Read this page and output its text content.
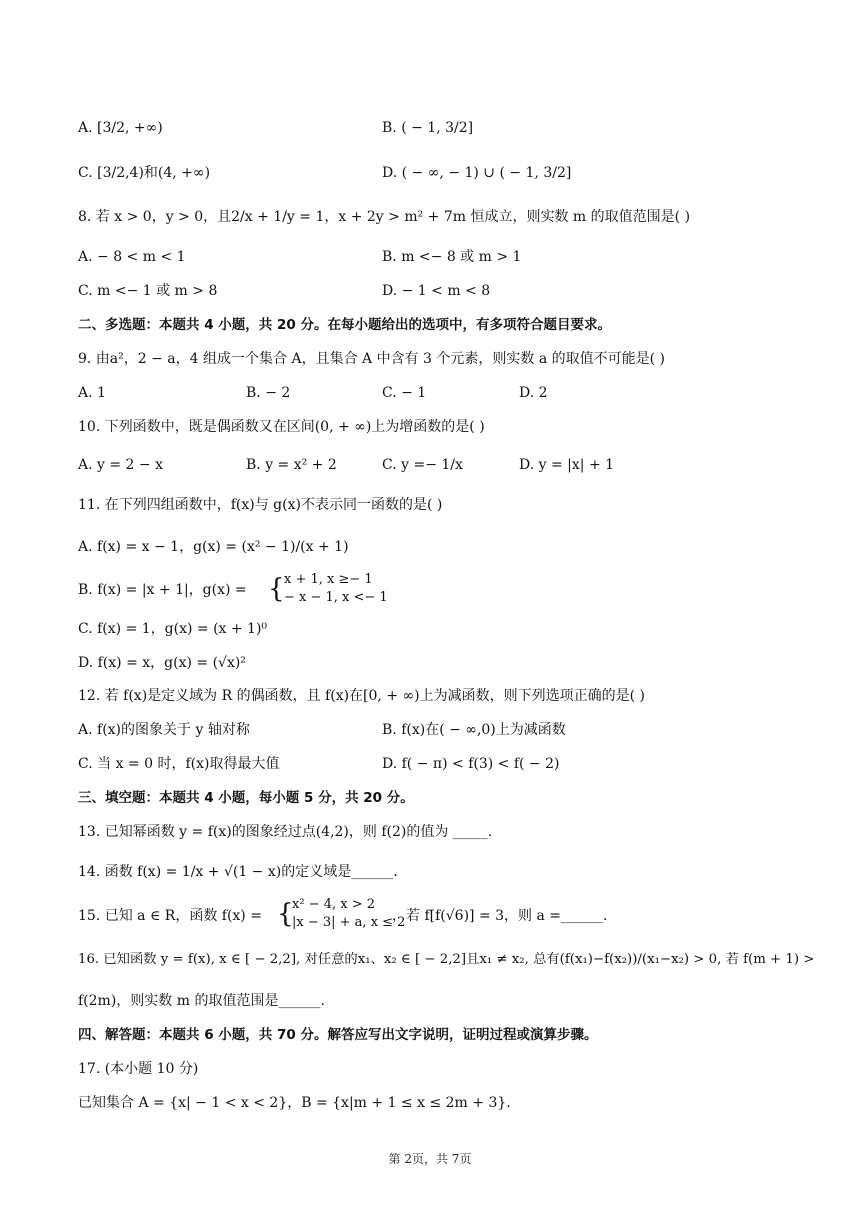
A. [3/2, +∞)	B. ( − 1, 3/2]
C. [3/2,4)和(4, +∞)	D. ( − ∞, − 1) ∪ ( − 1, 3/2]
8. 若 x > 0，y > 0，且2/x + 1/y = 1，x + 2y > m² + 7m 恒成立，则实数 m 的取值范围是( )
A. − 8 < m < 1	B. m <− 8 或 m > 1
C. m <− 1 或 m > 8	D. − 1 < m < 8
二、多选题：本题共 4 小题，共 20 分。在每小题给出的选项中，有多项符合题目要求。
9. 由a²，2 − a，4 组成一个集合 A，且集合 A 中含有 3 个元素，则实数 a 的取值不可能是( )
A. 1	B. − 2	C. − 1	D. 2
10. 下列函数中，既是偶函数又在区间(0, + ∞)上为增函数的是( )
A. y = 2 − x	B. y = x² + 2	C. y =− 1/x	D. y = |x| + 1
11. 在下列四组函数中，f(x)与 g(x)不表示同一函数的是( )
A. f(x) = x − 1，g(x) = (x² − 1)/(x + 1)
B. f(x) = |x + 1|，g(x) = { x + 1, x ≥− 1
− x − 1, x <− 1
C. f(x) = 1，g(x) = (x + 1)⁰
D. f(x) = x，g(x) = (√x)²
12. 若 f(x)是定义域为 R 的偶函数，且 f(x)在[0, + ∞)上为减函数，则下列选项正确的是( )
A. f(x)的图象关于 y 轴对称	B. f(x)在( − ∞,0)上为减函数
C. 当 x = 0 时，f(x)取得最大值	D. f( − π) < f(3) < f( − 2)
三、填空题：本题共 4 小题，每小题 5 分，共 20 分。
13. 已知幂函数 y = f(x)的图象经过点(4,2)，则 f(2)的值为 _____.
14. 函数 f(x) = 1/x + √(1 − x)的定义域是______.
15. 已知 a ∈ R，函数 f(x) = {
x² − 4, x > 2
|x − 3| + a, x ≤ 2
，若 f[f(√6)] = 3，则 a =______.
16. 已知函数 y = f(x), x ∈ [ − 2,2], 对任意的x₁、x₂ ∈ [ − 2,2]且x₁ ≠ x₂, 总有(f(x₁)−f(x₂))/(x₁−x₂) > 0, 若 f(m + 1) >
f(2m)，则实数 m 的取值范围是______.
四、解答题：本题共 6 小题，共 70 分。解答应写出文字说明，证明过程或演算步骤。
17. (本小题 10 分)
已知集合 A = {x| − 1 < x < 2}，B = {x|m + 1 ≤ x ≤ 2m + 3}.
第 2页，共 7页
